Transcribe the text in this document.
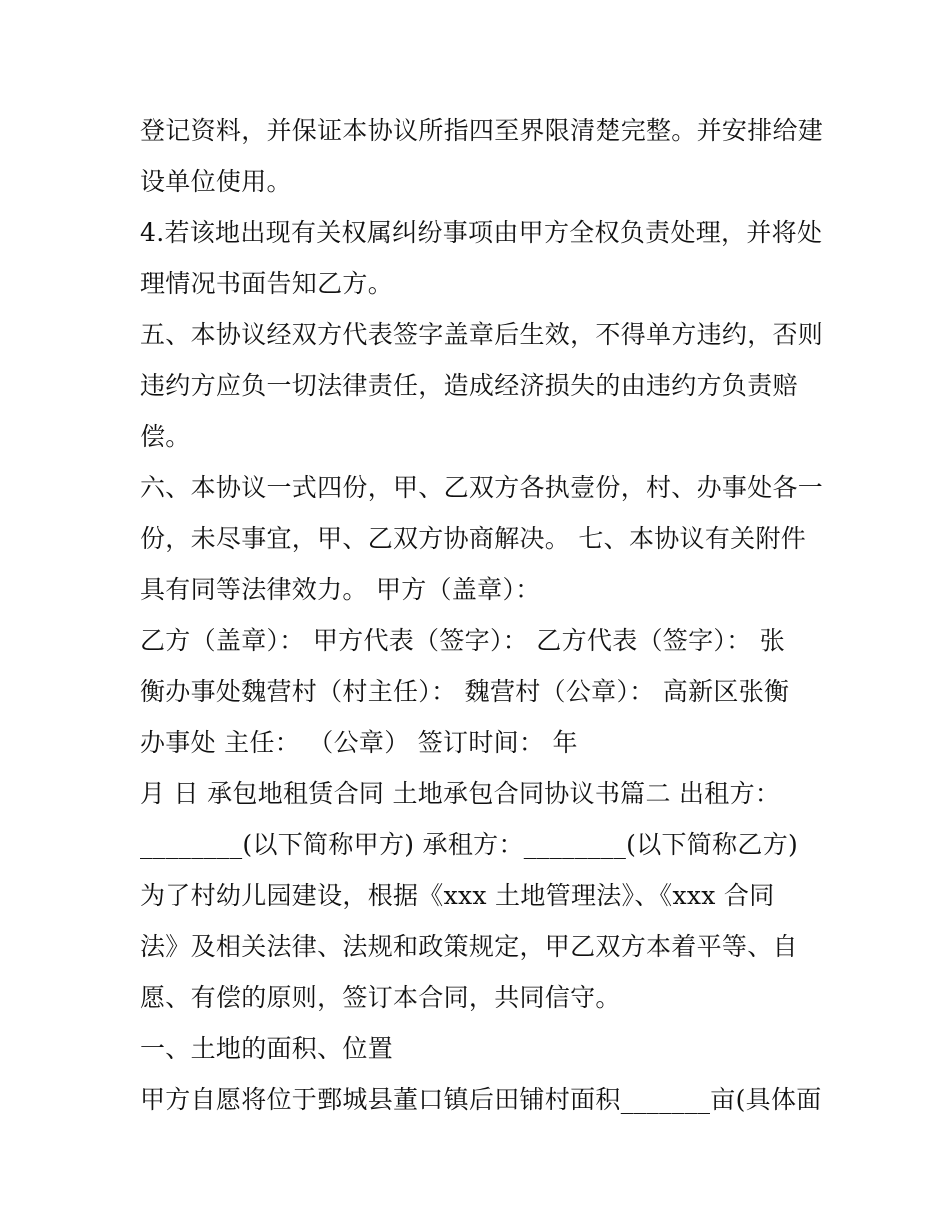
登记资料，并保证本协议所指四至界限清楚完整。并安排给建
设单位使用。
4.若该地出现有关权属纠纷事项由甲方全权负责处理，并将处
理情况书面告知乙方。
五、本协议经双方代表签字盖章后生效，不得单方违约，否则
违约方应负一切法律责任，造成经济损失的由违约方负责赔
偿。
六、本协议一式四份，甲、乙双方各执壹份，村、办事处各一
份，未尽事宜，甲、乙双方协商解决。 七、本协议有关附件
具有同等法律效力。 甲方（盖章）：
乙方（盖章）： 甲方代表（签字）： 乙方代表（签字）： 张
衡办事处魏营村（村主任）： 魏营村（公章）： 高新区张衡
办事处 主任： （公章） 签订时间： 年
月 日 承包地租赁合同 土地承包合同协议书篇二 出租方：
________(以下简称甲方) 承租方：________(以下简称乙方)
为了村幼儿园建设，根据《xxx 土地管理法》、《xxx 合同
法》及相关法律、法规和政策规定，甲乙双方本着平等、自
愿、有偿的原则，签订本合同，共同信守。
一、土地的面积、位置
甲方自愿将位于鄄城县董口镇后田铺村面积_______亩(具体面
